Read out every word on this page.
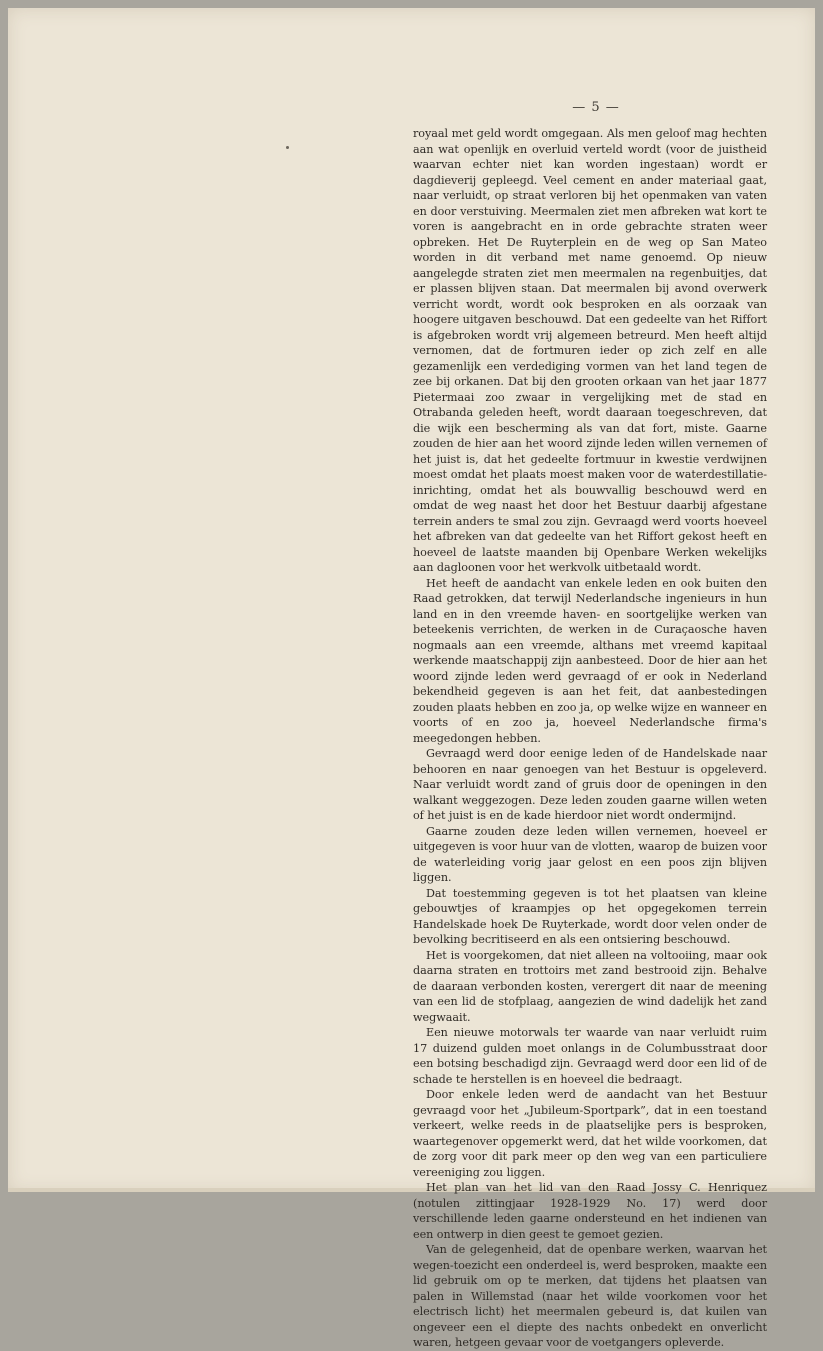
— 5 —

royaal met geld wordt omgegaan. Als men geloof mag hechten aan wat openlijk en overluid verteld wordt (voor de juistheid waarvan echter niet kan worden ingestaan) wordt er dagdieverij gepleegd. Veel cement en ander materiaal gaat, naar verluidt, op straat verloren bij het openmaken van vaten en door verstuiving. Meermalen ziet men afbreken wat kort te voren is aangebracht en in orde gebrachte straten weer opbreken. Het De Ruyterplein en de weg op San Mateo worden in dit verband met name genoemd. Op nieuw aangelegde straten ziet men meermalen na regenbuitjes, dat er plassen blijven staan. Dat meermalen bij avond overwerk verricht wordt, wordt ook besproken en als oorzaak van hoogere uitgaven beschouwd. Dat een gedeelte van het Riffort is afgebroken wordt vrij algemeen betreurd. Men heeft altijd vernomen, dat de fortmuren ieder op zich zelf en alle gezamenlijk een verdediging vormen van het land tegen de zee bij orkanen. Dat bij den grooten orkaan van het jaar 1877 Pietermaai zoo zwaar in vergelijking met de stad en Otrabanda geleden heeft, wordt daaraan toegeschreven, dat die wijk een bescherming als van dat fort, miste. Gaarne zouden de hier aan het woord zijnde leden willen vernemen of het juist is, dat het gedeelte fortmuur in kwestie verdwijnen moest omdat het plaats moest maken voor de waterdestillatie-inrichting, omdat het als bouwvallig beschouwd werd en omdat de weg naast het door het Bestuur daarbij afgestane terrein anders te smal zou zijn. Gevraagd werd voorts hoeveel het afbreken van dat gedeelte van het Riffort gekost heeft en hoeveel de laatste maanden bij Openbare Werken wekelijks aan dagloonen voor het werkvolk uitbetaald wordt.

Het heeft de aandacht van enkele leden en ook buiten den Raad getrokken, dat terwijl Nederlandsche ingenieurs in hun land en in den vreemde haven- en soortgelijke werken van beteekenis verrichten, de werken in de Curaçaosche haven nogmaals aan een vreemde, althans met vreemd kapitaal werkende maatschappij zijn aanbesteed. Door de hier aan het woord zijnde leden werd gevraagd of er ook in Nederland bekendheid gegeven is aan het feit, dat aanbestedingen zouden plaats hebben en zoo ja, op welke wijze en wanneer en voorts of en zoo ja, hoeveel Nederlandsche firma's meegedongen hebben.

Gevraagd werd door eenige leden of de Handelskade naar behooren en naar genoegen van het Bestuur is opgeleverd. Naar verluidt wordt zand of gruis door de openingen in den walkant weggezogen. Deze leden zouden gaarne willen weten of het juist is en de kade hierdoor niet wordt ondermijnd.

Gaarne zouden deze leden willen vernemen, hoeveel er uitgegeven is voor huur van de vlotten, waarop de buizen voor de waterleiding vorig jaar gelost en een poos zijn blijven liggen.

Dat toestemming gegeven is tot het plaatsen van kleine gebouwtjes of kraampjes op het opgegekomen terrein Handelskade hoek De Ruyterkade, wordt door velen onder de bevolking becritiseerd en als een ontsiering beschouwd.

Het is voorgekomen, dat niet alleen na voltooiing, maar ook daarna straten en trottoirs met zand bestrooid zijn. Behalve de daaraan verbonden kosten, verergert dit naar de meening van een lid de stofplaag, aangezien de wind dadelijk het zand wegwaait.

Een nieuwe motorwals ter waarde van naar verluidt ruim 17 duizend gulden moet onlangs in de Columbusstraat door een botsing beschadigd zijn. Gevraagd werd door een lid of de schade te herstellen is en hoeveel die bedraagt.

Door enkele leden werd de aandacht van het Bestuur gevraagd voor het „Jubileum-Sportpark”, dat in een toestand verkeert, welke reeds in de plaatselijke pers is besproken, waartegenover opgemerkt werd, dat het wilde voorkomen, dat de zorg voor dit park meer op den weg van een particuliere vereeniging zou liggen.

Het plan van het lid van den Raad Jossy C. Henriquez (notulen zittingjaar 1928-1929 No. 17) werd door verschillende leden gaarne ondersteund en het indienen van een ontwerp in dien geest te gemoet gezien.

Van de gelegenheid, dat de openbare werken, waarvan het wegen-toezicht een onderdeel is, werd besproken, maakte een lid gebruik om op te merken, dat tijdens het plaatsen van palen in Willemstad (naar het wilde voorkomen voor het electrisch licht) het meermalen gebeurd is, dat kuilen van ongeveer een el diepte des nachts onbedekt en onverlicht waren, hetgeen gevaar voor de voetgangers opleverde.
